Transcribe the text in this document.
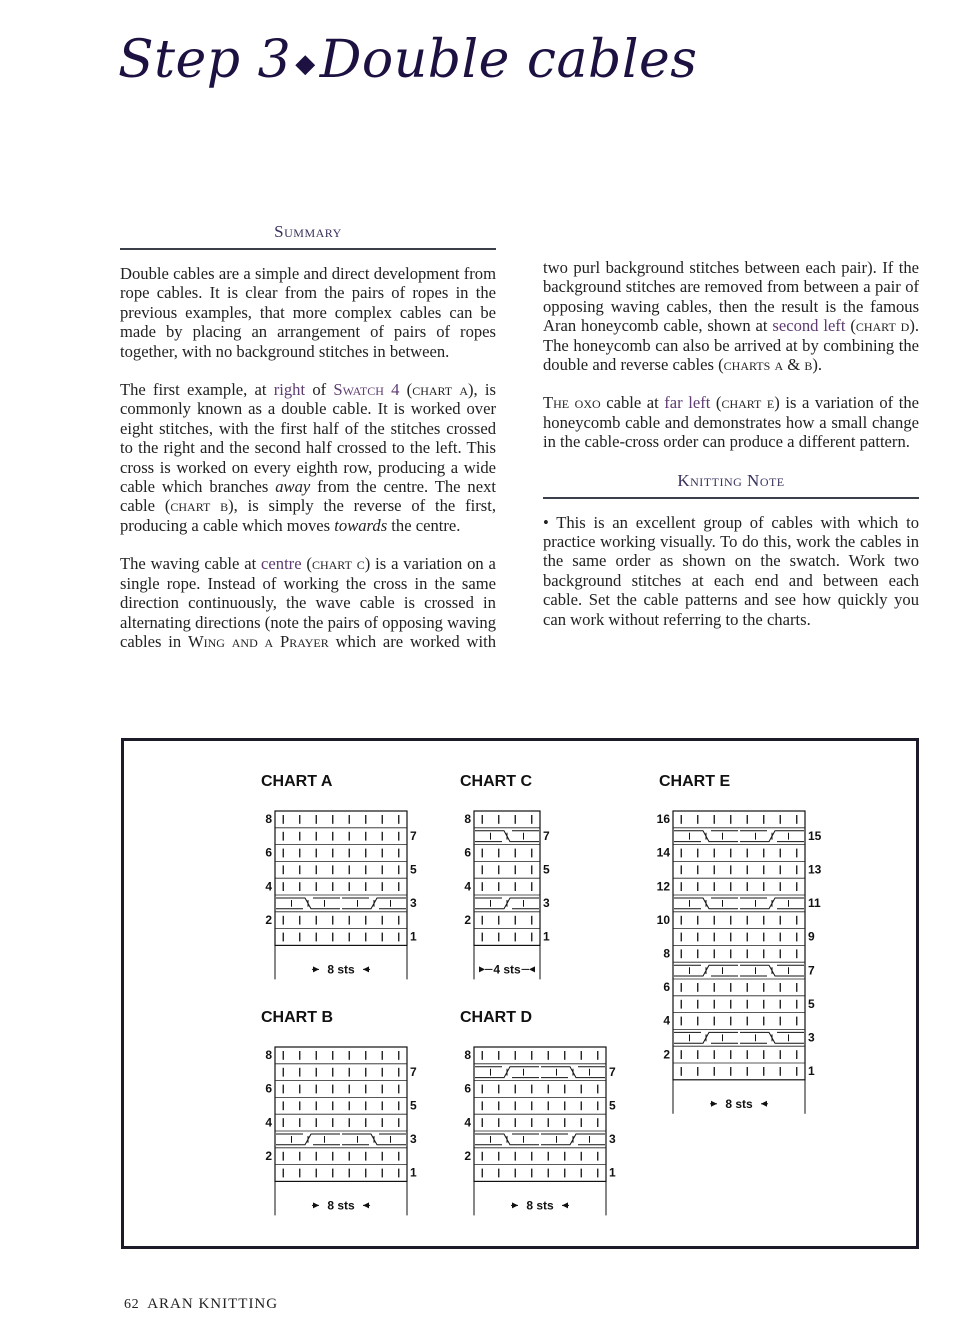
Step 3 ◆Double cables
Summary

Double cables are a simple and direct development from rope cables. It is clear from the pairs of ropes in the previous examples, that more complex cables can be made by placing an arrangement of pairs of ropes together, with no background stitches in between.

The first example, at right of Swatch 4 (chart a), is commonly known as a double cable. It is worked over eight stitches, with the first half of the stitches crossed to the right and the second half crossed to the left. This cross is worked on every eighth row, producing a wide cable which branches away from the centre. The next cable (chart b), is simply the reverse of the first, producing a cable which moves towards the centre.

The waving cable at centre (chart c) is a variation on a single rope. Instead of working the cross in the same direction continuously, the wave cable is crossed in alternating directions (note the pairs of opposing waving cables in Wing and a Prayer which are worked with

two purl background stitches between each pair). If the background stitches are removed from between a pair of opposing waving cables, then the result is the famous Aran honeycomb cable, shown at second left (chart d). The honeycomb can also be arrived at by combining the double and reverse cables (charts a & b).

The oxo cable at far left (chart e) is a variation of the honeycomb cable and demonstrates how a small change in the cable-cross order can produce a different pattern.

Knitting Note

• This is an excellent group of cables with which to practice working visually. To do this, work the cables in the same order as shown on the swatch. Work two background stitches at each end and between each cable. Set the cable patterns and see how quickly you can work without referring to the charts.

CHART A
8
6
4
2
7
5
3
1
8 sts
CHART C
8
6
4
2
7
5
3
1
4 sts
CHART E
16
14
12
10
8
6
4
2
15
13
11
9
7
5
3
1
8 sts
CHART B
8
6
4
2
7
5
3
1
8 sts
CHART D
8
6
4
2
7
5
3
1
8 sts
62 ARAN KNITTING
